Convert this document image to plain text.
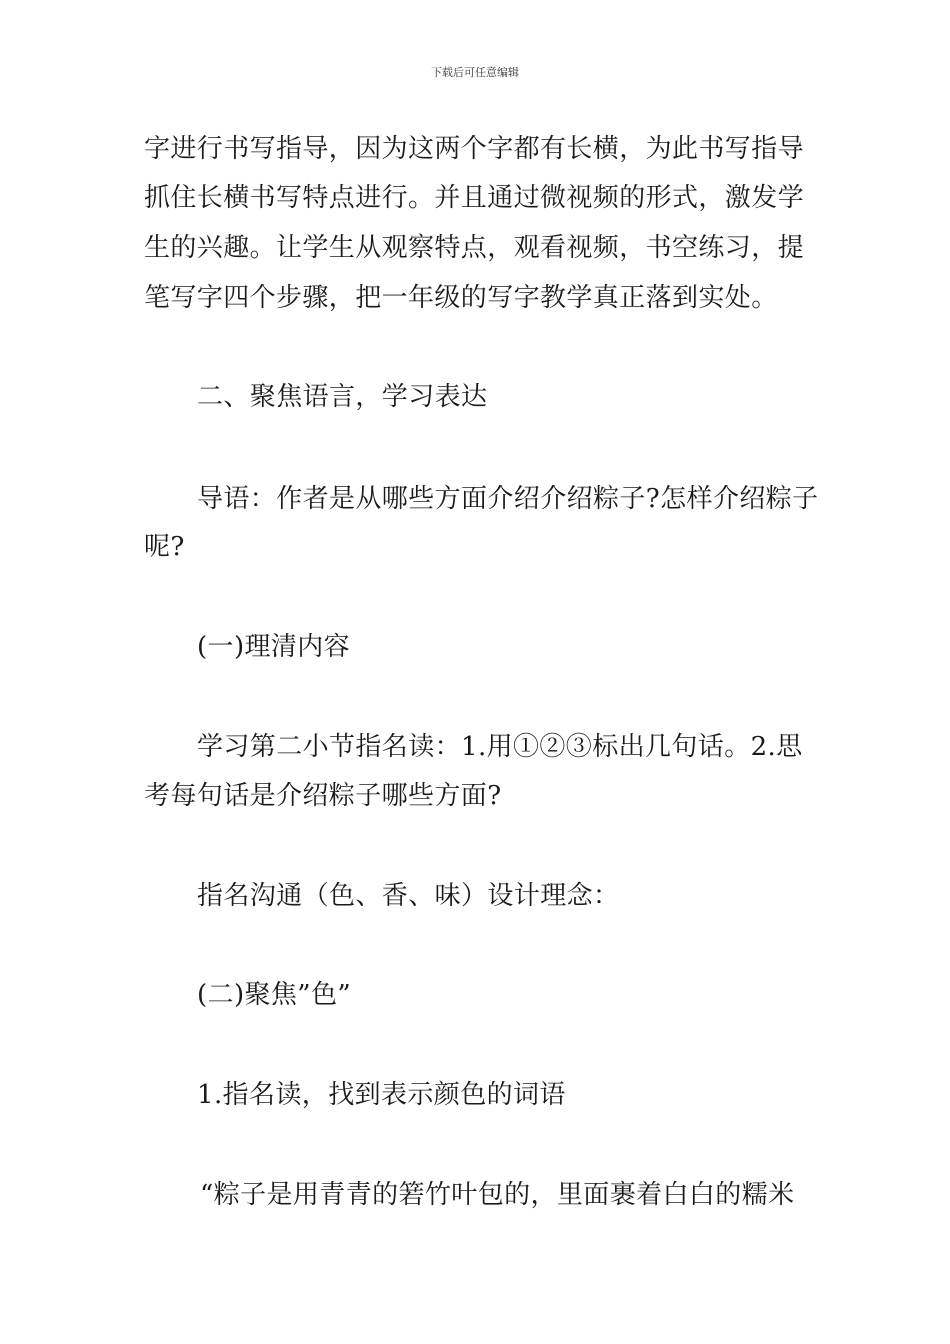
下载后可任意编辑
字进行书写指导，因为这两个字都有长横，为此书写指导
抓住长横书写特点进行。并且通过微视频的形式，激发学
生的兴趣。让学生从观察特点，观看视频，书空练习，提
笔写字四个步骤，把一年级的写字教学真正落到实处。
二、聚焦语言，学习表达
导语：作者是从哪些方面介绍介绍粽子?怎样介绍粽子
呢?
(一)理清内容
学习第二小节指名读：1.用①②③标出几句话。2.思
考每句话是介绍粽子哪些方面?
指名沟通（色、香、味）设计理念：
(二)聚焦”色”
1.指名读，找到表示颜色的词语
“粽子是用青青的箬竹叶包的，里面裹着白白的糯米
